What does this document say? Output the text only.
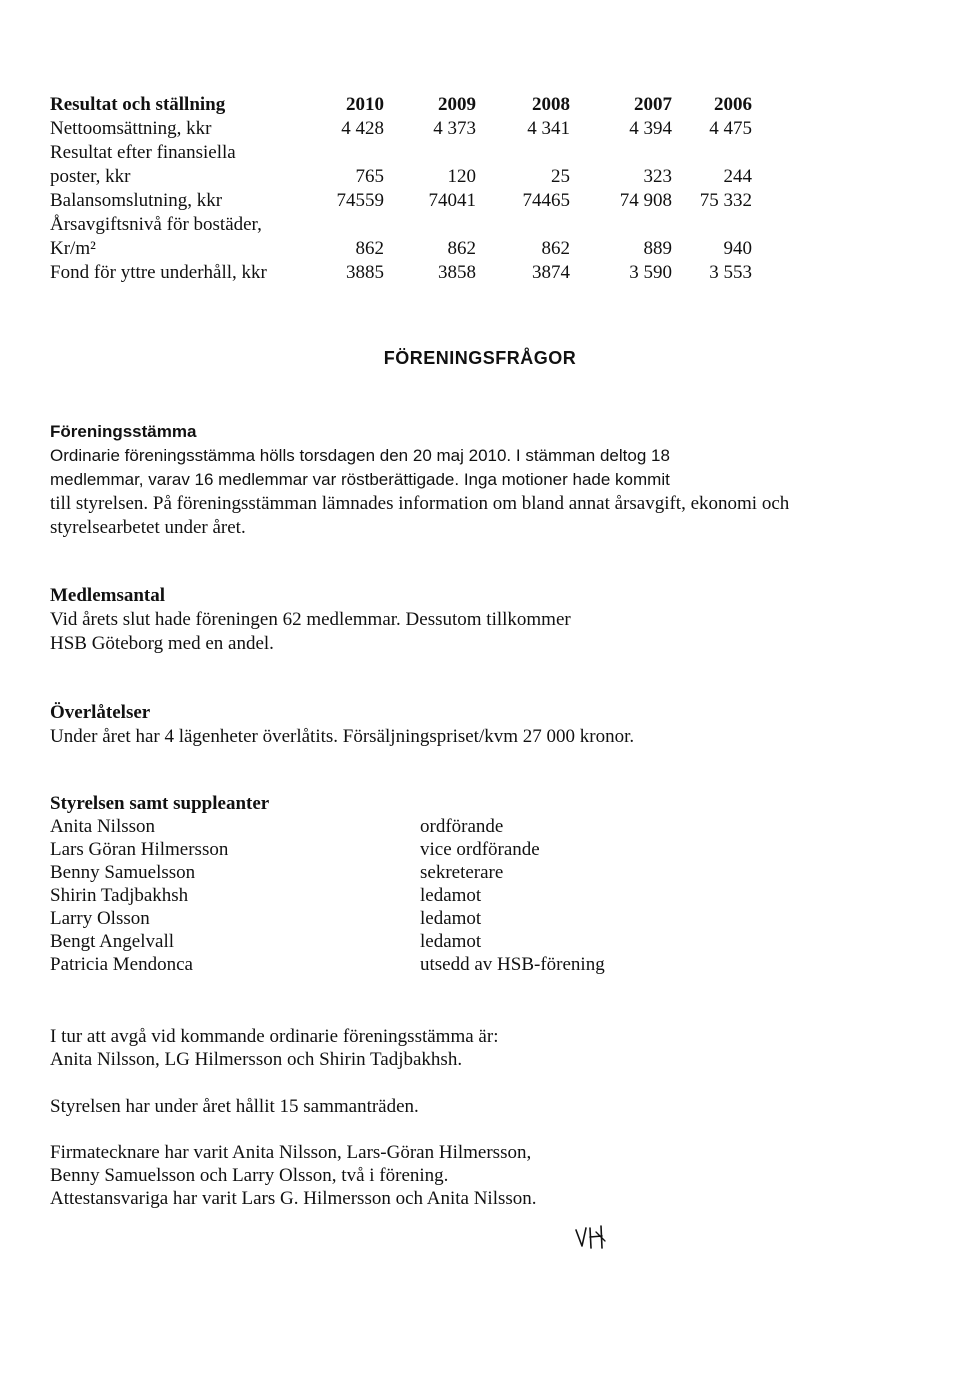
Resultat och ställning	2010	2009	2008	2007	2006
Nettoomsättning, kkr	4 428	4 373	4 341	4 394	4 475
Resultat efter finansiella
poster, kkr	765	120	25	323	244
Balansomslutning, kkr	74559	74041	74465	74 908	75 332
Årsavgiftsnivå för bostäder,
Kr/m²	862	862	862	889	940
Fond för yttre underhåll, kkr	3885	3858	3874	3 590	3 553
FÖRENINGSFRÅGOR
Föreningsstämma
Ordinarie föreningsstämma hölls torsdagen den 20 maj 2010. I stämman deltog 18
medlemmar, varav 16 medlemmar var röstberättigade. Inga motioner hade kommit
till styrelsen. På föreningsstämman lämnades information om bland annat årsavgift, ekonomi och
styrelsearbetet under året.
Medlemsantal
Vid årets slut hade föreningen 62 medlemmar. Dessutom tillkommer
HSB Göteborg med en andel.
Överlåtelser
Under året har 4 lägenheter överlåtits. Försäljningspriset/kvm 27 000 kronor.
Styrelsen samt suppleanter
Anita Nilsson	ordförande
Lars Göran Hilmersson	vice ordförande
Benny Samuelsson	sekreterare
Shirin Tadjbakhsh	ledamot
Larry Olsson	ledamot
Bengt Angelvall	ledamot
Patricia Mendonca	utsedd av HSB-förening
I tur att avgå vid kommande ordinarie föreningsstämma är:
Anita Nilsson, LG Hilmersson och Shirin Tadjbakhsh.
Styrelsen har under året hållit 15 sammanträden.
Firmatecknare har varit Anita Nilsson, Lars-Göran Hilmersson,
Benny Samuelsson och Larry Olsson, två i förening.
Attestansvariga har varit Lars G. Hilmersson och Anita Nilsson.
